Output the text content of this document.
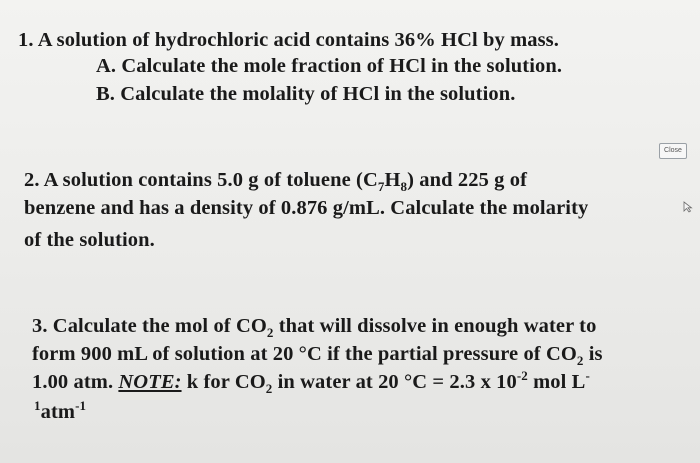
1. A solution of hydrochloric acid contains 36% HCl by mass.
A. Calculate the mole fraction of HCl in the solution.
B. Calculate the molality of HCl in the solution.
Close
2. A solution contains 5.0 g of toluene $(C_7H_8)$ and 225 g of
benzene and has a density of 0.876 g/mL. Calculate the molarity
of the solution.
3. Calculate the mol of $CO_2$ that will dissolve in enough water to
form 900 mL of solution at 20 °C if the partial pressure of $CO_2$ is
1.00 atm. NOTE: k for $CO_2$ in water at 20 °C = 2.3 x $10^{-2}$ mol L-
$^1$atm$^{-1}$
